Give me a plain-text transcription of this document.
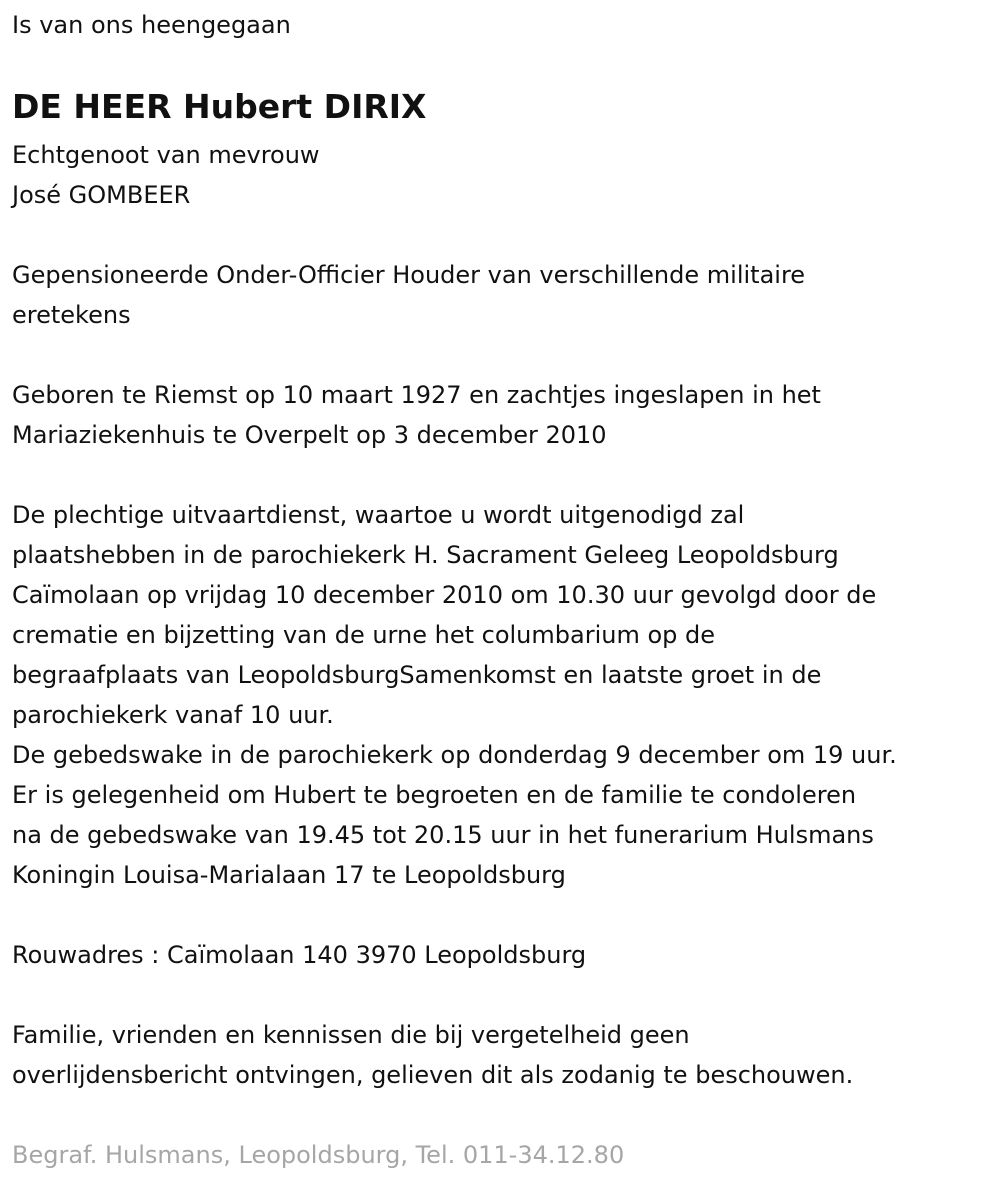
Is van ons heengegaan
DE HEER Hubert DIRIX
Echtgenoot van mevrouw
José GOMBEER
Gepensioneerde Onder-Officier Houder van verschillende militaire
eretekens
Geboren te Riemst op 10 maart 1927 en zachtjes ingeslapen in het
Mariaziekenhuis te Overpelt op 3 december 2010
De plechtige uitvaartdienst, waartoe u wordt uitgenodigd zal
plaatshebben in de parochiekerk H. Sacrament Geleeg Leopoldsburg
Caïmolaan op vrijdag 10 december 2010 om 10.30 uur gevolgd door de
crematie en bijzetting van de urne het columbarium op de
begraafplaats van LeopoldsburgSamenkomst en laatste groet in de
parochiekerk vanaf 10 uur.
De gebedswake in de parochiekerk op donderdag 9 december om 19 uur.
Er is gelegenheid om Hubert te begroeten en de familie te condoleren
na de gebedswake van 19.45 tot 20.15 uur in het funerarium Hulsmans
Koningin Louisa-Marialaan 17 te Leopoldsburg
Rouwadres : Caïmolaan 140 3970 Leopoldsburg
Familie, vrienden en kennissen die bij vergetelheid geen
overlijdensbericht ontvingen, gelieven dit als zodanig te beschouwen.
Begraf. Hulsmans, Leopoldsburg, Tel. 011-34.12.80
